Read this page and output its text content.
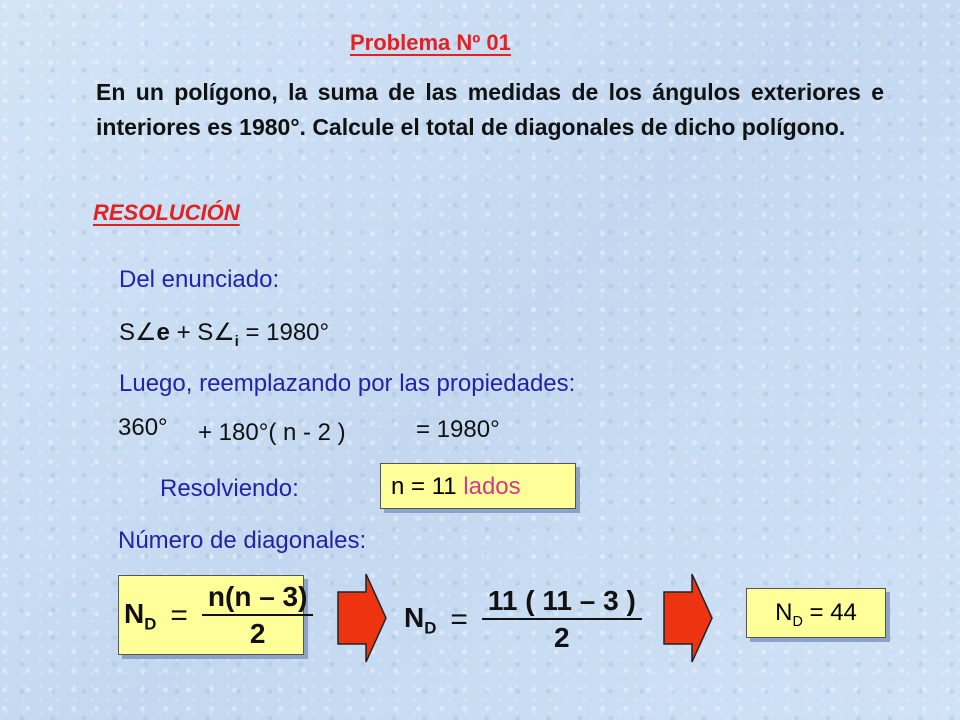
Problema Nº 01
En un polígono, la suma de las medidas de los ángulos exteriores e interiores es 1980°. Calcule el total de diagonales de dicho polígono.
RESOLUCIÓN
Del enunciado:
S∠e + $S\angle_i = 1980^\circ$
Luego, reemplazando por las propiedades:
360° + 180°( n - 2 )	= 1980°
Resolviendo:	n = 11 lados
Número de diagonales:
$N_D = \frac{n(n - 3)}{2}$	$N_D = \frac{11 ( 11 - 3 )}{2}$	$N_D = 44$
